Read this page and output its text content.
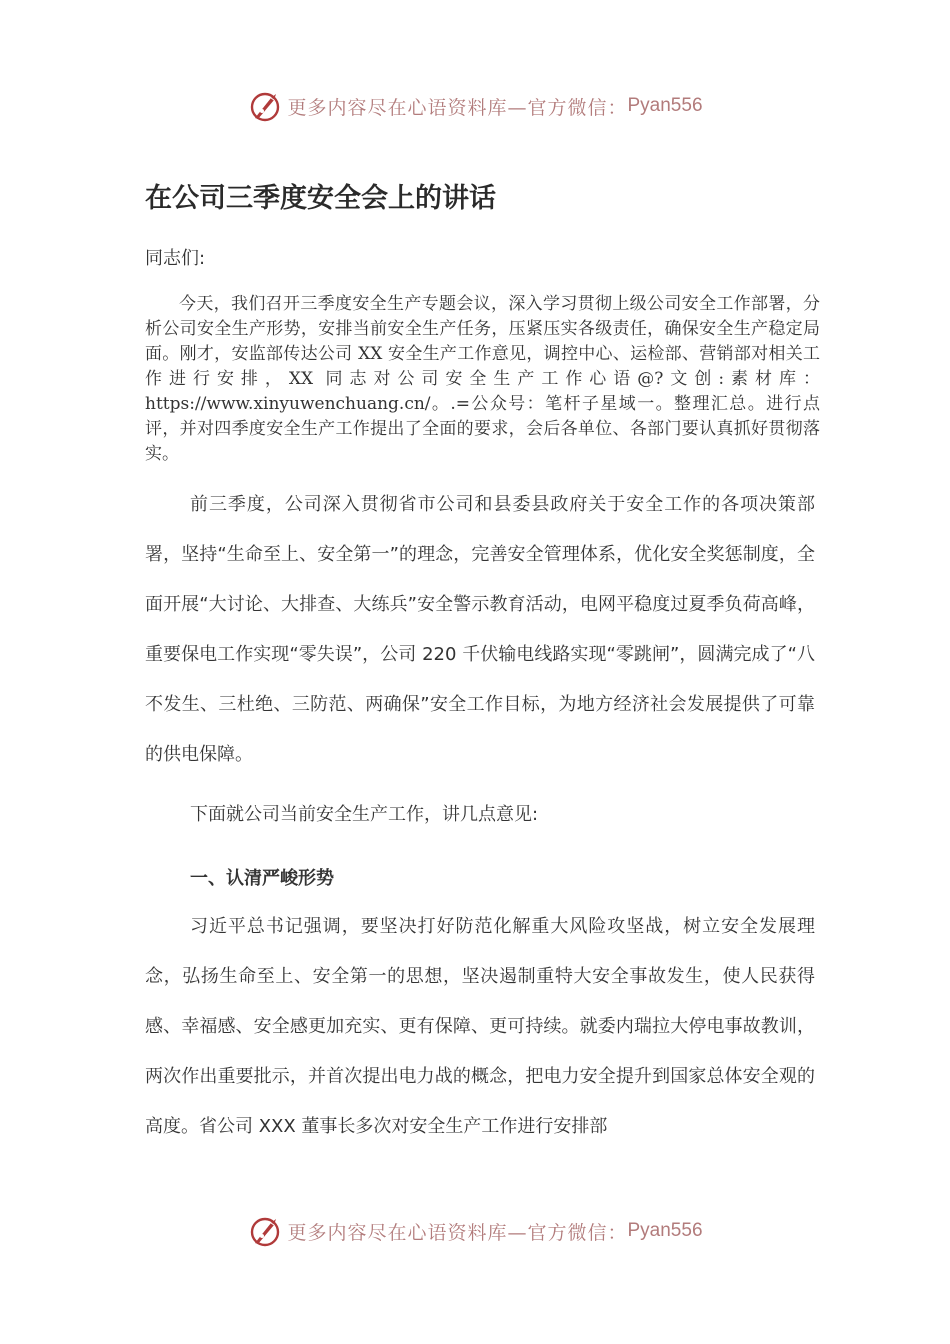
更多内容尽在心语资料库—官方微信： Pyan556
在公司三季度安全会上的讲话
同志们:

今天，我们召开三季度安全生产专题会议，深入学习贯彻上级公司安全工作部署，分析公司安全生产形势，安排当前安全生产任务，压紧压实各级责任，确保安全生产稳定局面。刚才，安监部传达公司 XX 安全生产工作意见，调控中心、运检部、营销部对相关工作进行安排，XX 同志对公司安全生产工作心语@?文创:素材库：https://www.xinyuwenchuang.cn/。.=公众号：笔杆子星域一。整理汇总。进行点评，并对四季度安全生产工作提出了全面的要求，会后各单位、各部门要认真抓好贯彻落实。

前三季度，公司深入贯彻省市公司和县委县政府关于安全工作的各项决策部署，坚持“生命至上、安全第一”的理念，完善安全管理体系，优化安全奖惩制度，全面开展“大讨论、大排查、大练兵”安全警示教育活动，电网平稳度过夏季负荷高峰，重要保电工作实现“零失误”，公司 220 千伏输电线路实现“零跳闸”，圆满完成了“八不发生、三杜绝、三防范、两确保”安全工作目标，为地方经济社会发展提供了可靠的供电保障。

下面就公司当前安全生产工作，讲几点意见:

一、认清严峻形势

习近平总书记强调，要坚决打好防范化解重大风险攻坚战，树立安全发展理念，弘扬生命至上、安全第一的思想，坚决遏制重特大安全事故发生，使人民获得感、幸福感、安全感更加充实、更有保障、更可持续。就委内瑞拉大停电事故教训，两次作出重要批示，并首次提出电力战的概念，把电力安全提升到国家总体安全观的高度。省公司 XXX 董事长多次对安全生产工作进行安排部

更多内容尽在心语资料库—官方微信： Pyan556
